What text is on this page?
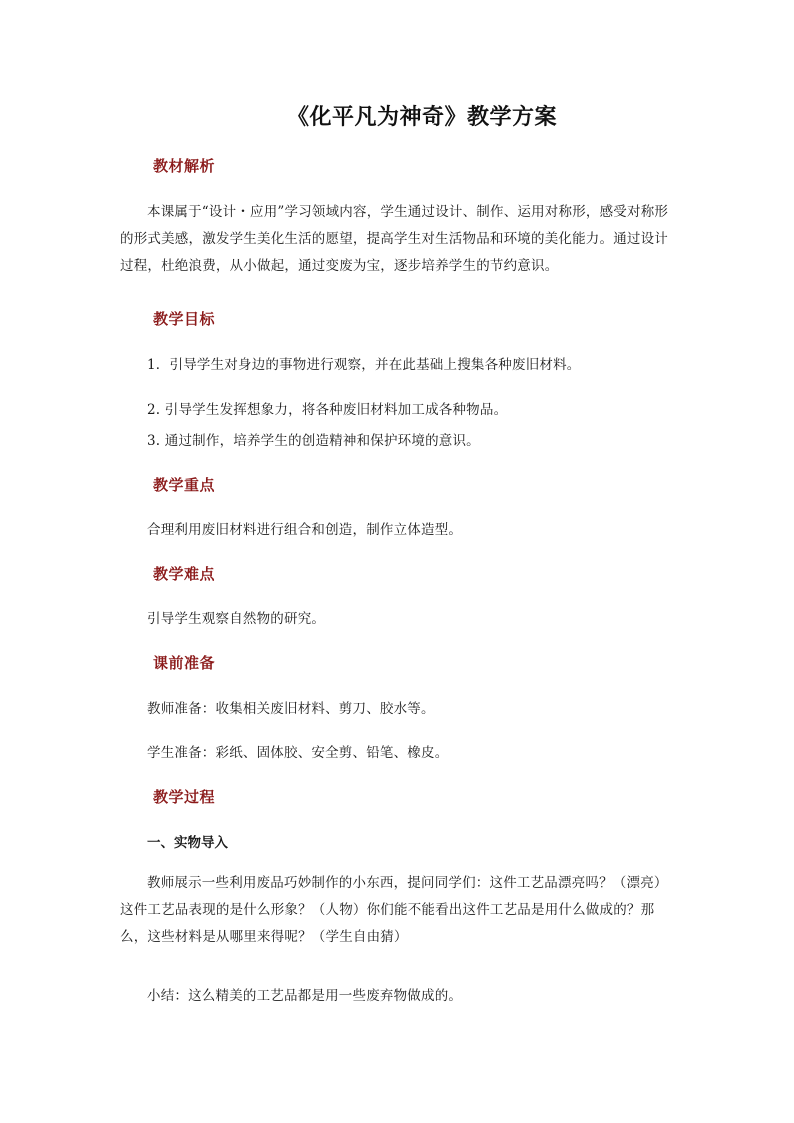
《化平凡为神奇》教学方案
教材解析
本课属于“设计・应用”学习领域内容，学生通过设计、制作、运用对称形，感受对称形的形式美感，激发学生美化生活的愿望，提高学生对生活物品和环境的美化能力。通过设计过程，杜绝浪费，从小做起，通过变废为宝，逐步培养学生的节约意识。
教学目标
1．引导学生对身边的事物进行观察，并在此基础上搜集各种废旧材料。
2. 引导学生发挥想象力，将各种废旧材料加工成各种物品。
3. 通过制作，培养学生的创造精神和保护环境的意识。
教学重点
合理利用废旧材料进行组合和创造，制作立体造型。
教学难点
引导学生观察自然物的研究。
课前准备
教师准备：收集相关废旧材料、剪刀、胶水等。
学生准备：彩纸、固体胶、安全剪、铅笔、橡皮。
教学过程
一、实物导入
教师展示一些利用废品巧妙制作的小东西，提问同学们：这件工艺品漂亮吗？（漂亮）这件工艺品表现的是什么形象？（人物）你们能不能看出这件工艺品是用什么做成的？那么，这些材料是从哪里来得呢？（学生自由猜）
小结：这么精美的工艺品都是用一些废弃物做成的。
